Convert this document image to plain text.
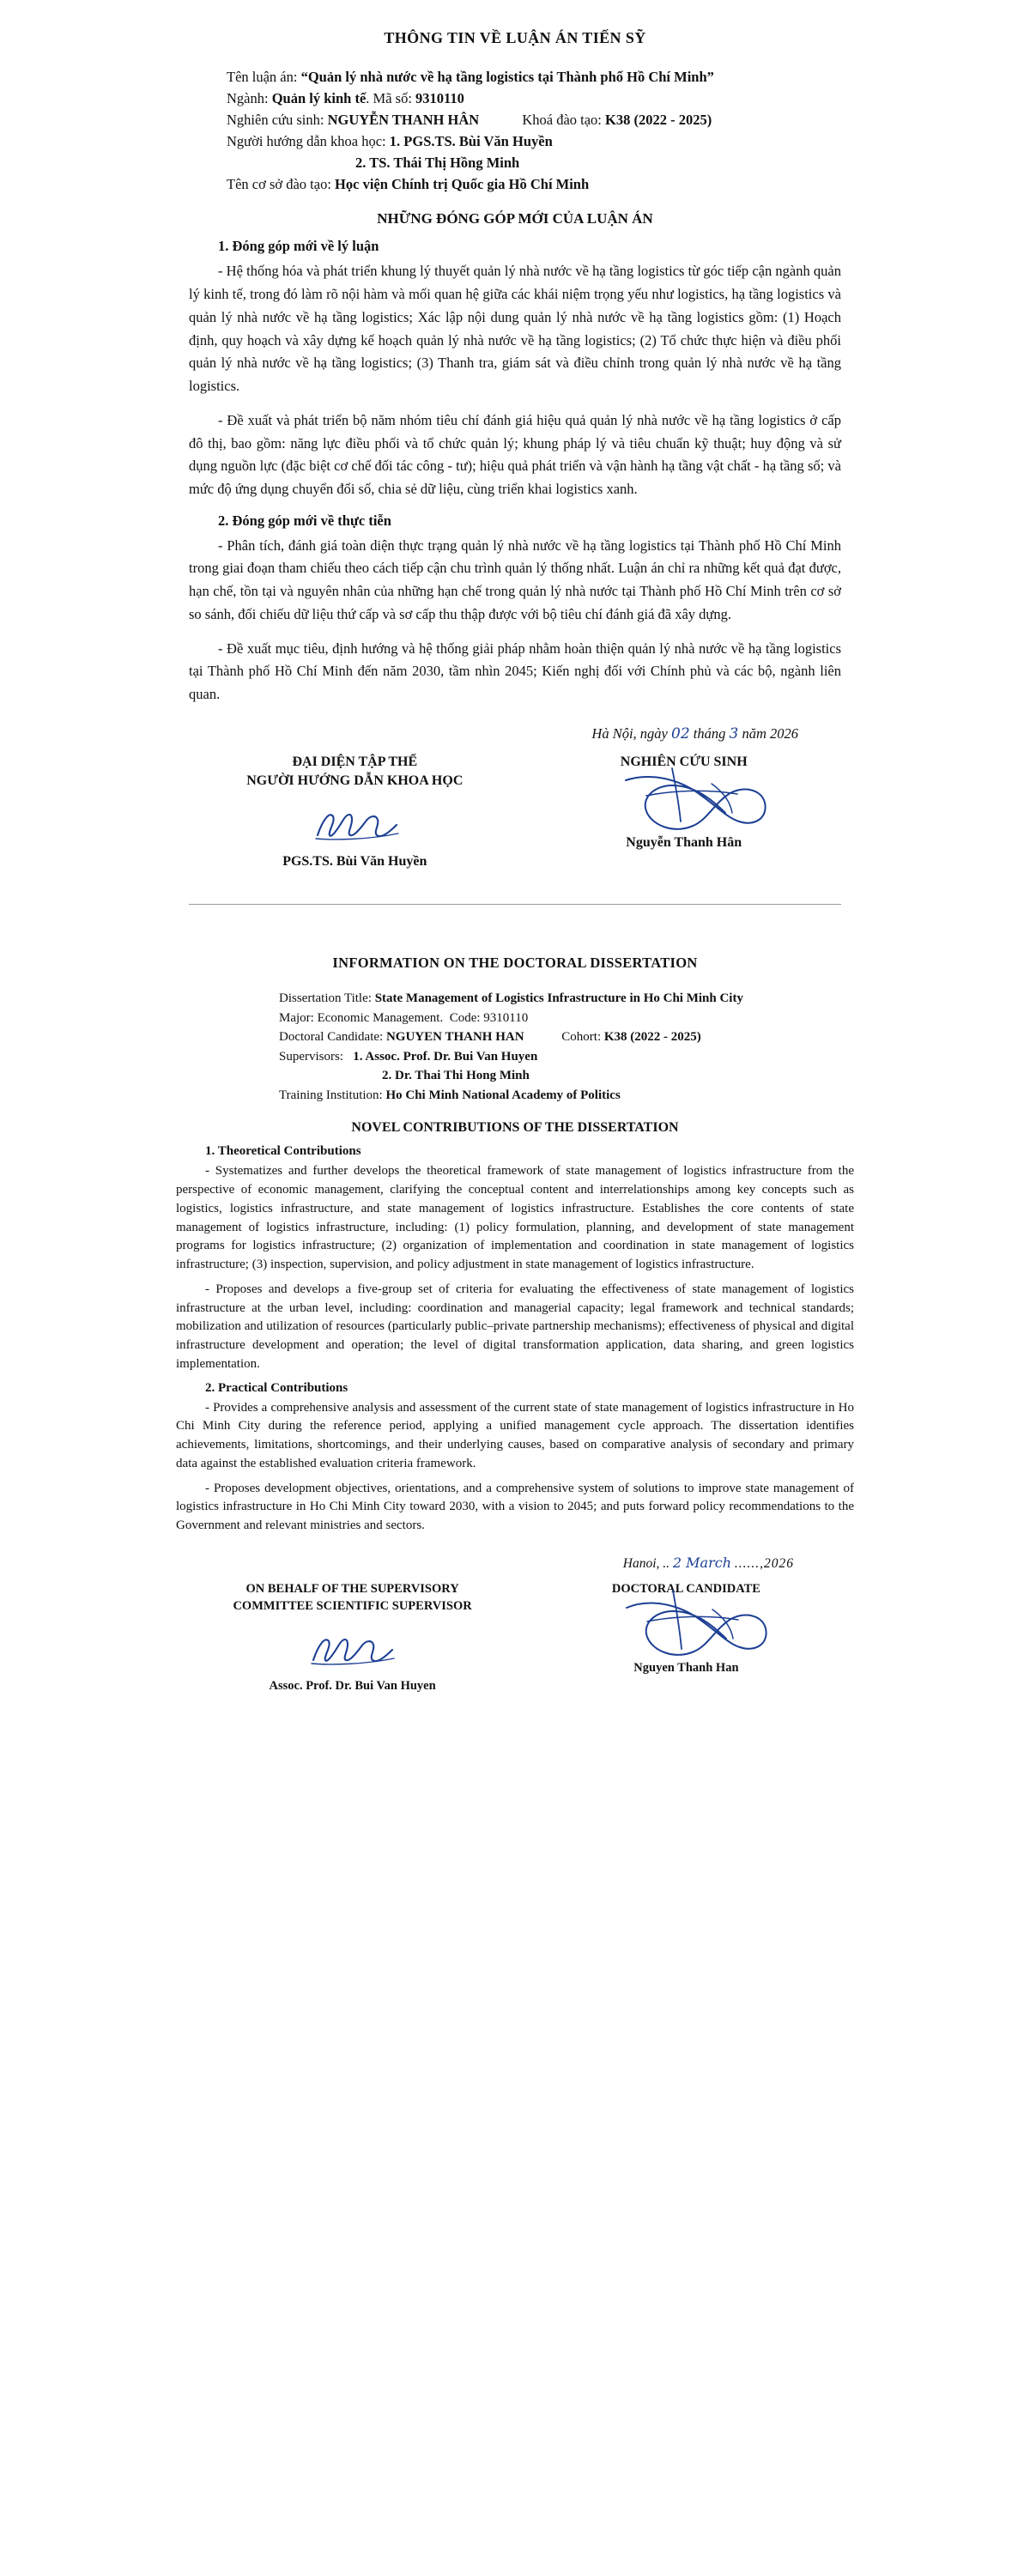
THÔNG TIN VỀ LUẬN ÁN TIẾN SỸ
Tên luận án: “Quản lý nhà nước về hạ tầng logistics tại Thành phố Hồ Chí Minh”
Ngành: Quản lý kinh tế. Mã số: 9310110
Nghiên cứu sinh: NGUYỄN THANH HÂN	Khoá đào tạo: K38 (2022 - 2025)
Người hướng dẫn khoa học: 1. PGS.TS. Bùi Văn Huyền
2. TS. Thái Thị Hồng Minh
Tên cơ sở đào tạo: Học viện Chính trị Quốc gia Hồ Chí Minh
NHỮNG ĐÓNG GÓP MỚI CỦA LUẬN ÁN
1. Đóng góp mới về lý luận

- Hệ thống hóa và phát triển khung lý thuyết quản lý nhà nước về hạ tầng logistics từ góc tiếp cận ngành quản lý kinh tế, trong đó làm rõ nội hàm và mối quan hệ giữa các khái niệm trọng yếu như logistics, hạ tầng logistics và quản lý nhà nước về hạ tầng logistics; Xác lập nội dung quản lý nhà nước về hạ tầng logistics gồm: (1) Hoạch định, quy hoạch và xây dựng kế hoạch quản lý nhà nước về hạ tầng logistics; (2) Tổ chức thực hiện và điều phối quản lý nhà nước về hạ tầng logistics; (3) Thanh tra, giám sát và điều chỉnh trong quản lý nhà nước về hạ tầng logistics.

- Đề xuất và phát triển bộ năm nhóm tiêu chí đánh giá hiệu quả quản lý nhà nước về hạ tầng logistics ở cấp đô thị, bao gồm: năng lực điều phối và tổ chức quản lý; khung pháp lý và tiêu chuẩn kỹ thuật; huy động và sử dụng nguồn lực (đặc biệt cơ chế đối tác công - tư); hiệu quả phát triển và vận hành hạ tầng vật chất - hạ tầng số; và mức độ ứng dụng chuyển đổi số, chia sẻ dữ liệu, cùng triển khai logistics xanh.

2. Đóng góp mới về thực tiễn

- Phân tích, đánh giá toàn diện thực trạng quản lý nhà nước về hạ tầng logistics tại Thành phố Hồ Chí Minh trong giai đoạn tham chiếu theo cách tiếp cận chu trình quản lý thống nhất. Luận án chỉ ra những kết quả đạt được, hạn chế, tồn tại và nguyên nhân của những hạn chế trong quản lý nhà nước tại Thành phố Hồ Chí Minh trên cơ sở so sánh, đối chiếu dữ liệu thứ cấp và sơ cấp thu thập được với bộ tiêu chí đánh giá đã xây dựng.

- Đề xuất mục tiêu, định hướng và hệ thống giải pháp nhằm hoàn thiện quản lý nhà nước về hạ tầng logistics tại Thành phố Hồ Chí Minh đến năm 2030, tầm nhìn 2045; Kiến nghị đối với Chính phủ và các bộ, ngành liên quan.

Hà Nội, ngày 02 tháng 3 năm 2026
ĐẠI DIỆN TẬP THỂ
NGƯỜI HƯỚNG DẪN KHOA HỌC
PGS.TS. Bùi Văn Huyền
NGHIÊN CỨU SINH
Nguyễn Thanh Hân
INFORMATION ON THE DOCTORAL DISSERTATION
Dissertation Title: State Management of Logistics Infrastructure in Ho Chi Minh City
Major: Economic Management. Code: 9310110
Doctoral Candidate: NGUYEN THANH HAN	Cohort: K38 (2022 - 2025)
Supervisors: 1. Assoc. Prof. Dr. Bui Van Huyen
2. Dr. Thai Thi Hong Minh
Training Institution: Ho Chi Minh National Academy of Politics
NOVEL CONTRIBUTIONS OF THE DISSERTATION
1. Theoretical Contributions

- Systematizes and further develops the theoretical framework of state management of logistics infrastructure from the perspective of economic management, clarifying the conceptual content and interrelationships among key concepts such as logistics, logistics infrastructure, and state management of logistics infrastructure. Establishes the core contents of state management of logistics infrastructure, including: (1) policy formulation, planning, and development of state management programs for logistics infrastructure; (2) organization of implementation and coordination in state management of logistics infrastructure; (3) inspection, supervision, and policy adjustment in state management of logistics infrastructure.

- Proposes and develops a five-group set of criteria for evaluating the effectiveness of state management of logistics infrastructure at the urban level, including: coordination and managerial capacity; legal framework and technical standards; mobilization and utilization of resources (particularly public–private partnership mechanisms); effectiveness of physical and digital infrastructure development and operation; the level of digital transformation application, data sharing, and green logistics implementation.

2. Practical Contributions

- Provides a comprehensive analysis and assessment of the current state of state management of logistics infrastructure in Ho Chi Minh City during the reference period, applying a unified management cycle approach. The dissertation identifies achievements, limitations, shortcomings, and their underlying causes, based on comparative analysis of secondary and primary data against the established evaluation criteria framework.

- Proposes development objectives, orientations, and a comprehensive system of solutions to improve state management of logistics infrastructure in Ho Chi Minh City toward 2030, with a vision to 2045; and puts forward policy recommendations to the Government and relevant ministries and sectors.

Hanoi, .. 2 March ......,2026
ON BEHALF OF THE SUPERVISORY
COMMITTEE SCIENTIFIC SUPERVISOR
Assoc. Prof. Dr. Bui Van Huyen
DOCTORAL CANDIDATE
Nguyen Thanh Han
